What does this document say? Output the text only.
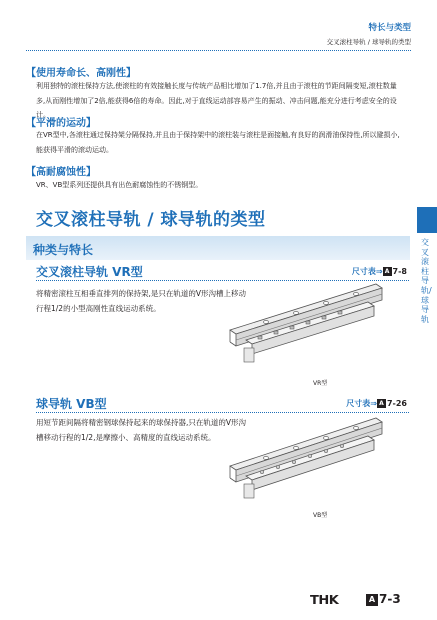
特长与类型
交叉滚柱导轨 / 球导轨的类型
【使用寿命长、高刚性】
利用独特的滚柱保持方法,使滚柱的有效接触长度与传统产品相比增加了1.7倍,并且由于滚柱的节距间隔变短,滚柱数量多,从而刚性增加了2倍,能获得6倍的寿命。因此,对于直线运动部容易产生的振动、冲击问题,能充分进行考虑安全的设计。
【平滑的运动】
在VR型中,各滚柱通过保持架分隔保持,并且由于保持架中的滚柱装与滚柱是面接触,有良好的润滑油保持性,所以避损小,能获得平滑的滚动运动。
【高耐腐蚀性】
VR、VB型系列还提供具有出色耐腐蚀性的不锈钢型。
交叉滚柱导轨 / 球导轨的类型
交叉滚柱导轨/球导轨
种类与特长
交叉滚柱导轨 VR型	尺寸表⇒ A 7-8
将精密滚柱互相垂直排列的保持架,是只在轨道的V形沟槽上移动行程1/2的小型高刚性直线运动系统。
VR型
球导轨 VB型	尺寸表⇒ A 7-26
用短节距间隔将精密钢球保持起来的球保持器,只在轨道的V形沟槽移动行程的1/2,是摩擦小、高精度的直线运动系统。
VB型
THK	A 7-3
